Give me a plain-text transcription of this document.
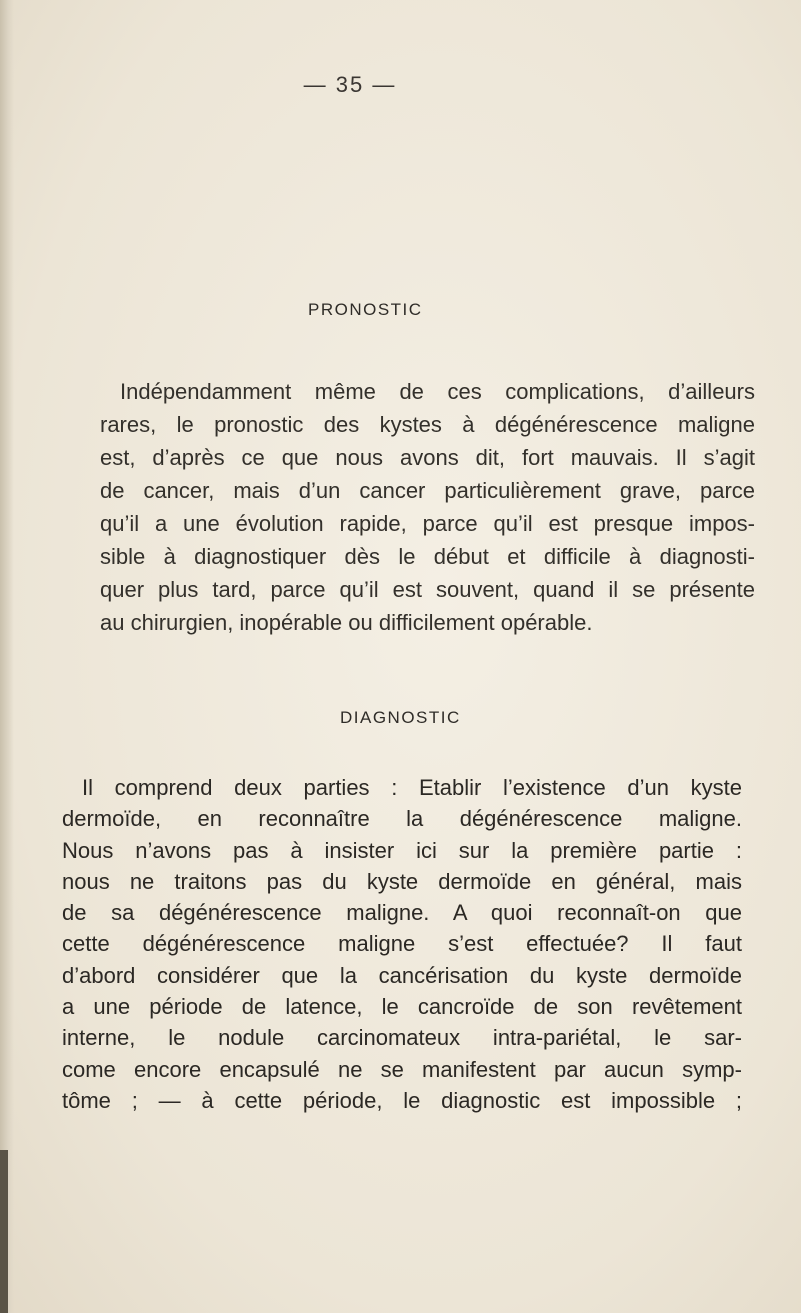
— 35 —
PRONOSTIC
Indépendamment même de ces complications, d’ailleurs
rares, le pronostic des kystes à dégénérescence maligne
est, d’après ce que nous avons dit, fort mauvais. Il s’agit
de cancer, mais d’un cancer particulièrement grave, parce
qu’il a une évolution rapide, parce qu’il est presque impos-
sible à diagnostiquer dès le début et difficile à diagnosti-
quer plus tard, parce qu’il est souvent, quand il se présente
au chirurgien, inopérable ou difficilement opérable.
DIAGNOSTIC
Il comprend deux parties : Etablir l’existence d’un kyste
dermoïde, en reconnaître la dégénérescence maligne.
Nous n’avons pas à insister ici sur la première partie :
nous ne traitons pas du kyste dermoïde en général, mais
de sa dégénérescence maligne. A quoi reconnaît-on que
cette dégénérescence maligne s’est effectuée? Il faut
d’abord considérer que la cancérisation du kyste dermoïde
a une période de latence, le cancroïde de son revêtement
interne, le nodule carcinomateux intra-pariétal, le sar-
come encore encapsulé ne se manifestent par aucun symp-
tôme ; — à cette période, le diagnostic est impossible ;
